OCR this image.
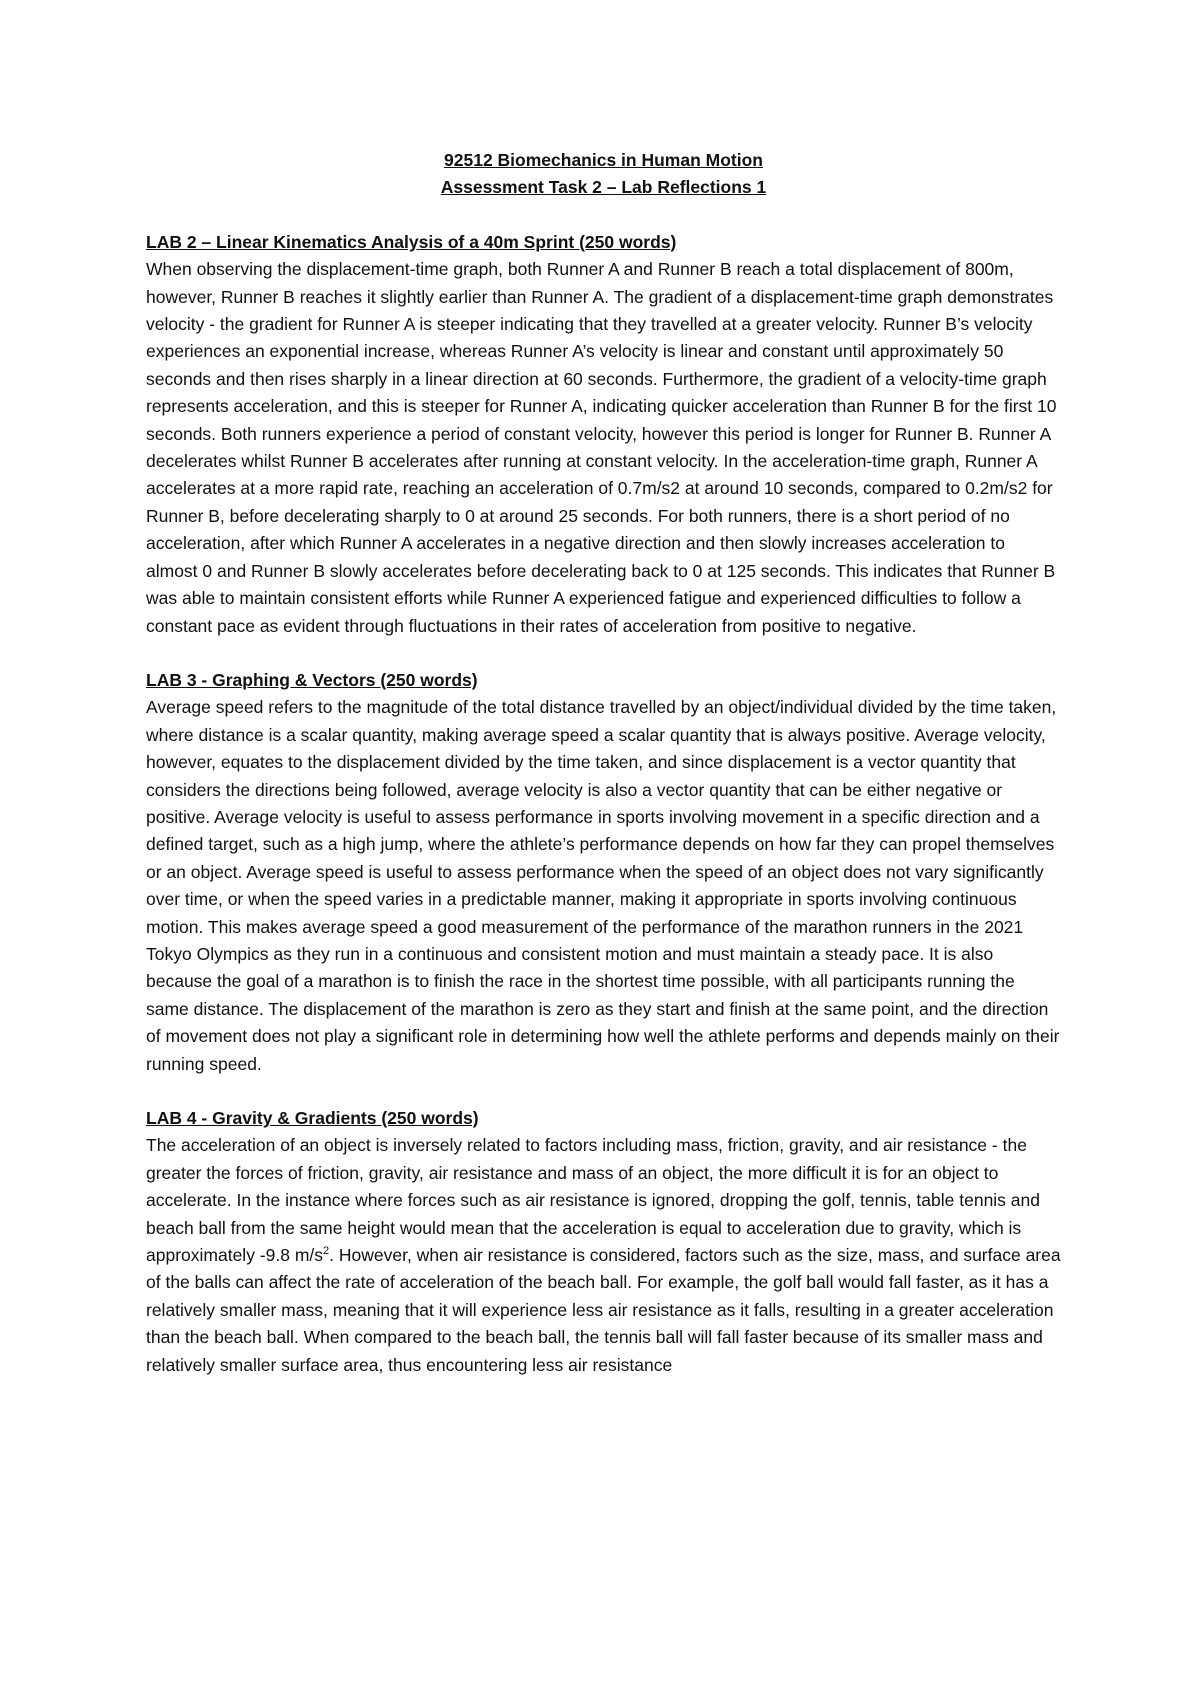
92512 Biomechanics in Human Motion

Assessment Task 2 – Lab Reflections 1

LAB 2 – Linear Kinematics Analysis of a 40m Sprint (250 words)

When observing the displacement-time graph, both Runner A and Runner B reach a total displacement of 800m, however, Runner B reaches it slightly earlier than Runner A. The gradient of a displacement-time graph demonstrates velocity - the gradient for Runner A is steeper indicating that they travelled at a greater velocity. Runner B’s velocity experiences an exponential increase, whereas Runner A’s velocity is linear and constant until approximately 50 seconds and then rises sharply in a linear direction at 60 seconds. Furthermore, the gradient of a velocity-time graph represents acceleration, and this is steeper for Runner A, indicating quicker acceleration than Runner B for the first 10 seconds. Both runners experience a period of constant velocity, however this period is longer for Runner B. Runner A decelerates whilst Runner B accelerates after running at constant velocity. In the acceleration-time graph, Runner A accelerates at a more rapid rate, reaching an acceleration of 0.7m/s2 at around 10 seconds, compared to 0.2m/s2 for Runner B, before decelerating sharply to 0 at around 25 seconds. For both runners, there is a short period of no acceleration, after which Runner A accelerates in a negative direction and then slowly increases acceleration to almost 0 and Runner B slowly accelerates before decelerating back to 0 at 125 seconds. This indicates that Runner B was able to maintain consistent efforts while Runner A experienced fatigue and experienced difficulties to follow a constant pace as evident through fluctuations in their rates of acceleration from positive to negative.

LAB 3 - Graphing & Vectors (250 words)

Average speed refers to the magnitude of the total distance travelled by an object/individual divided by the time taken, where distance is a scalar quantity, making average speed a scalar quantity that is always positive. Average velocity, however, equates to the displacement divided by the time taken, and since displacement is a vector quantity that considers the directions being followed, average velocity is also a vector quantity that can be either negative or positive. Average velocity is useful to assess performance in sports involving movement in a specific direction and a defined target, such as a high jump, where the athlete’s performance depends on how far they can propel themselves or an object. Average speed is useful to assess performance when the speed of an object does not vary significantly over time, or when the speed varies in a predictable manner, making it appropriate in sports involving continuous motion. This makes average speed a good measurement of the performance of the marathon runners in the 2021 Tokyo Olympics as they run in a continuous and consistent motion and must maintain a steady pace. It is also because the goal of a marathon is to finish the race in the shortest time possible, with all participants running the same distance. The displacement of the marathon is zero as they start and finish at the same point, and the direction of movement does not play a significant role in determining how well the athlete performs and depends mainly on their running speed.

LAB 4 - Gravity & Gradients (250 words)

The acceleration of an object is inversely related to factors including mass, friction, gravity, and air resistance - the greater the forces of friction, gravity, air resistance and mass of an object, the more difficult it is for an object to accelerate. In the instance where forces such as air resistance is ignored, dropping the golf, tennis, table tennis and beach ball from the same height would mean that the acceleration is equal to acceleration due to gravity, which is approximately -9.8 $m/s^2$. However, when air resistance is considered, factors such as the size, mass, and surface area of the balls can affect the rate of acceleration of the beach ball. For example, the golf ball would fall faster, as it has a relatively smaller mass, meaning that it will experience less air resistance as it falls, resulting in a greater acceleration than the beach ball. When compared to the beach ball, the tennis ball will fall faster because of its smaller mass and relatively smaller surface area, thus encountering less air resistance
